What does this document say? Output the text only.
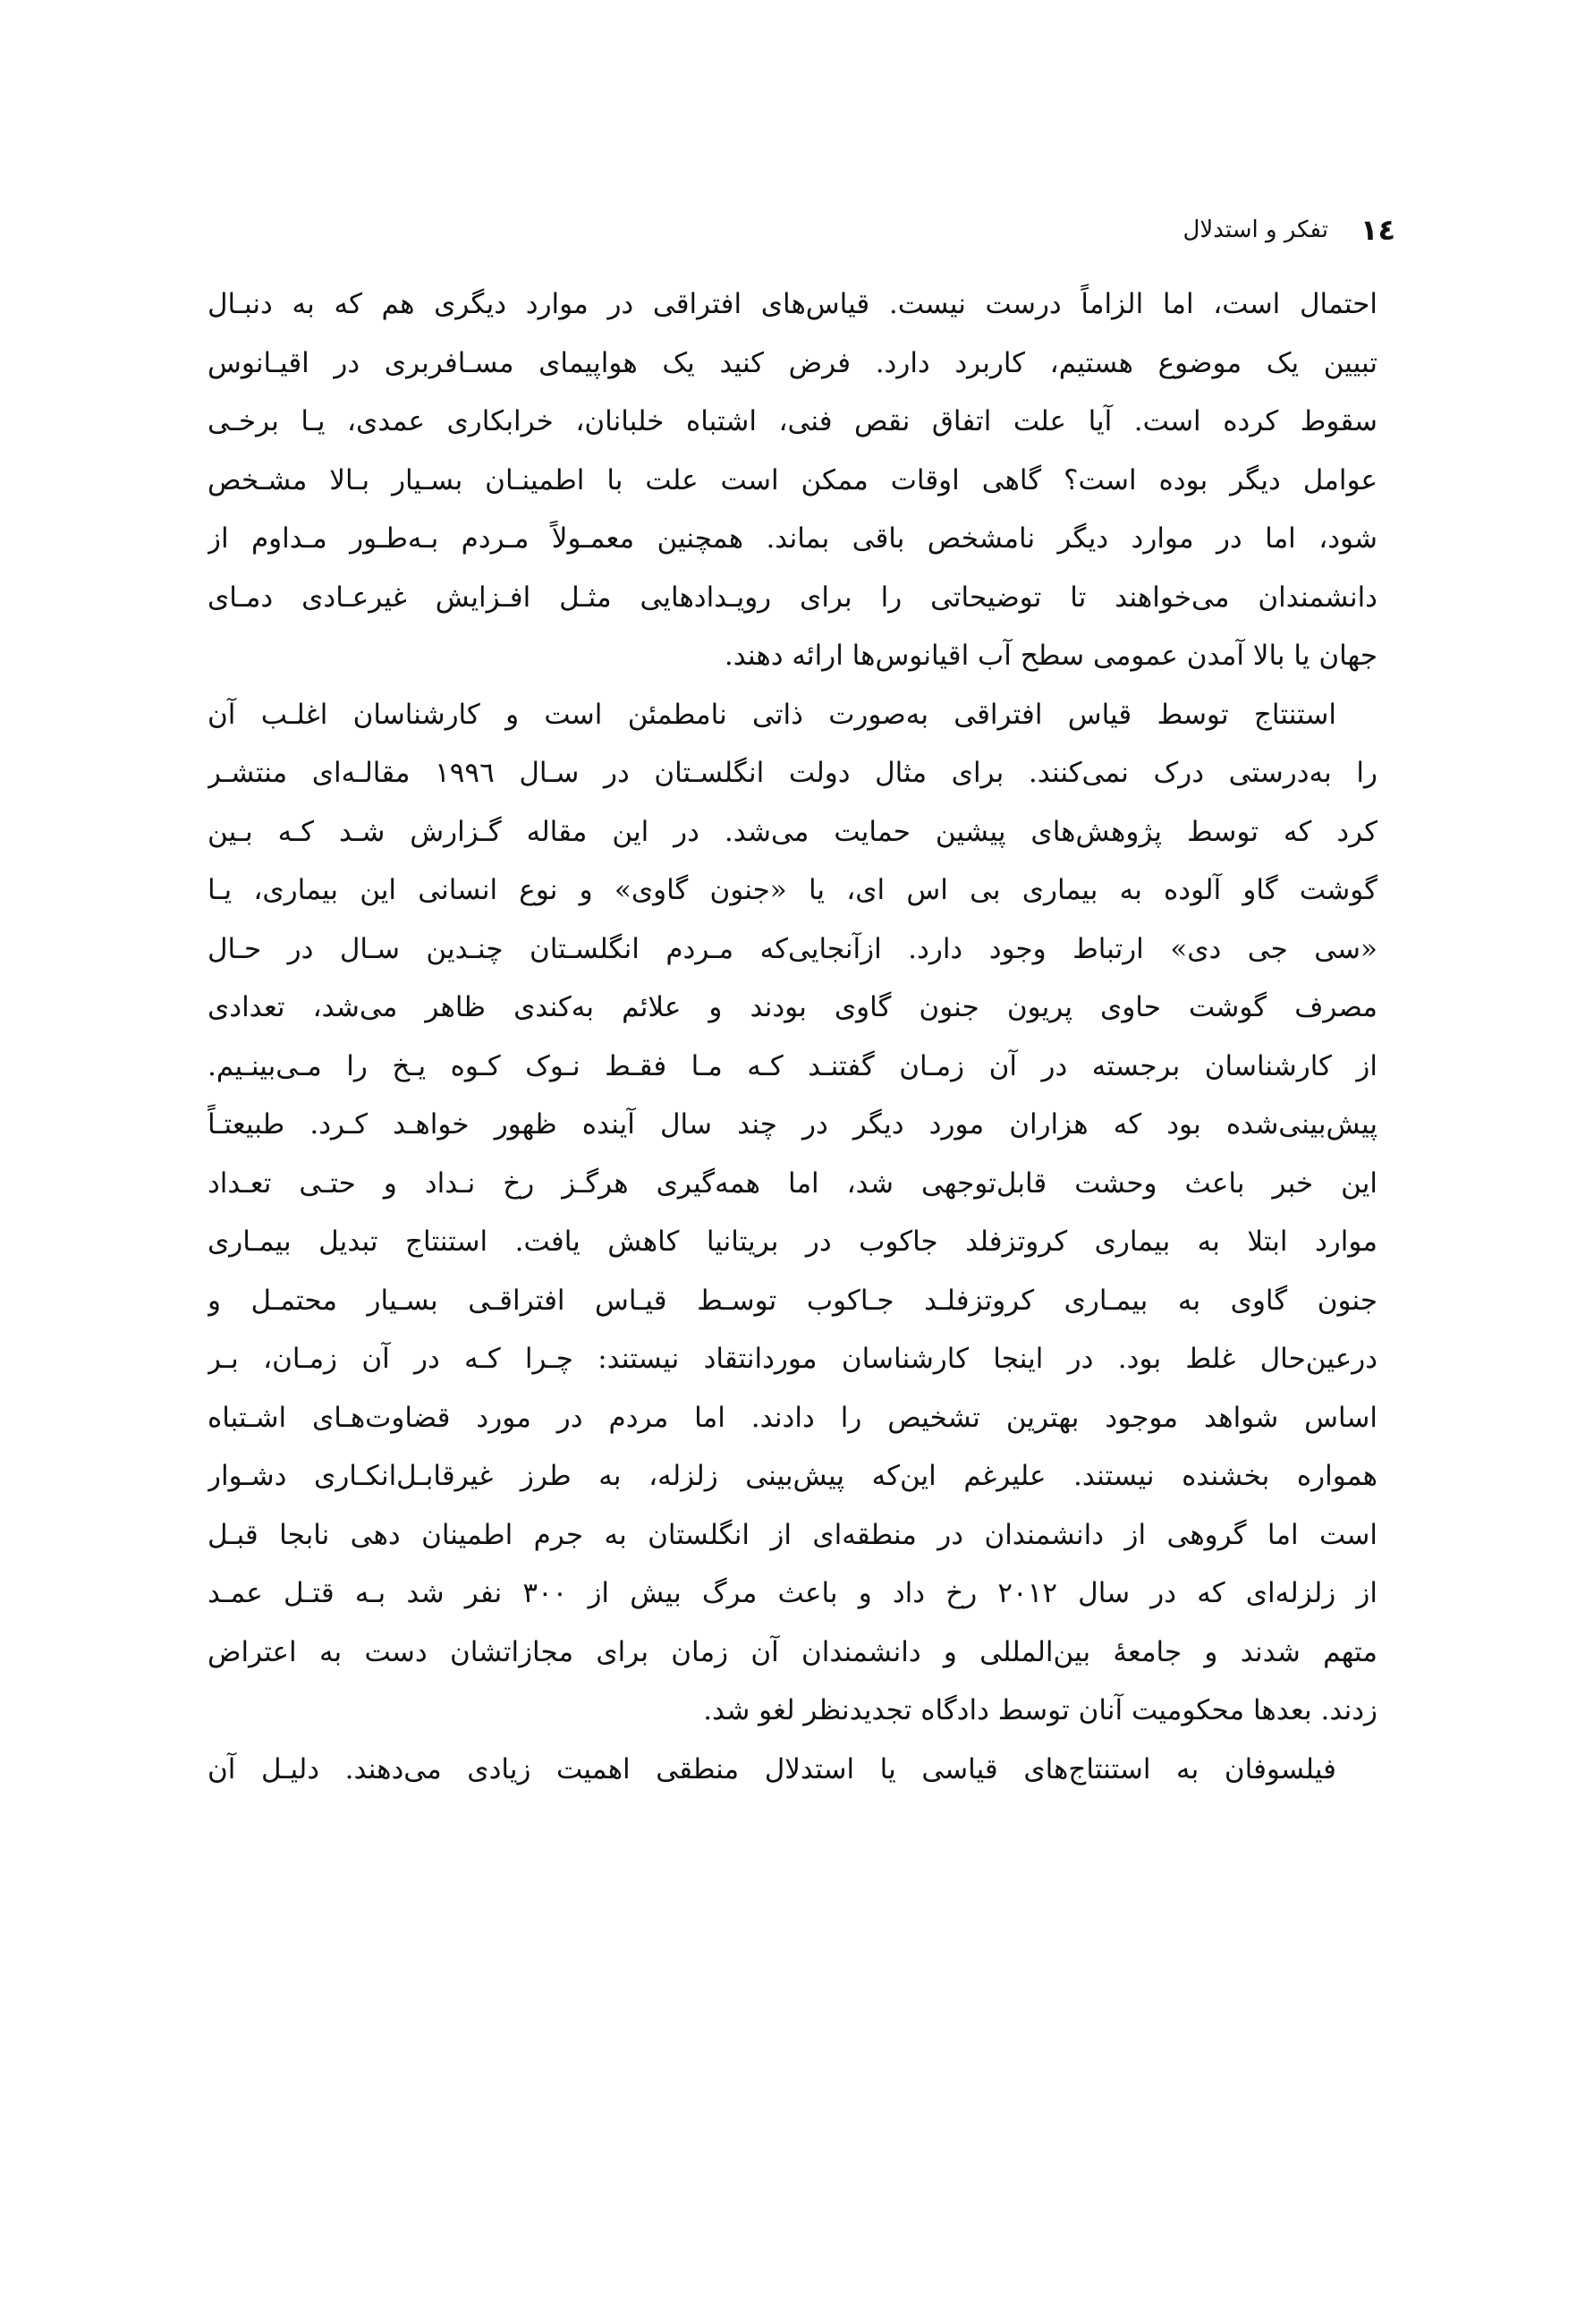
تفکر و استدلال ۱٤
احتمال است، اما الزاماً درست نیست. قیاس‌های افتراقی در موارد دیگری هم که به دنبـال
تبیین یک موضوع هستیم، کاربرد دارد. فرض کنید یک هواپیمای مسـافربری در اقیـانوس
سقوط کرده است. آیا علت اتفاق نقص فنی، اشتباه خلبانان، خرابکاری عمدی، یـا برخـی
عوامل دیگر بوده است؟ گاهی اوقات ممکن است علت با اطمینـان بسـیار بـالا مشـخص
شود، اما در موارد دیگر نامشخص باقی بماند. همچنین معمـولاً مـردم بـه‌طـور مـداوم از
دانشمندان می‌خواهند تا توضیحاتی را برای رویـدادهایی مثـل افـزایش غیرعـادی دمـای
جهان یا بالا آمدن عمومی سطح آب اقیانوس‌ها ارائه دهند.
استنتاج توسط قیاس افتراقی به‌صورت ذاتی نامطمئن است و کارشناسان اغلـب آن
را به‌درستی درک نمی‌کنند. برای مثال دولت انگلسـتان در سـال ۱۹۹٦ مقالـه‌ای منتشـر
کرد که توسط پژوهش‌های پیشین حمایت می‌شد. در این مقاله گـزارش شـد کـه بـین
گوشت گاو آلوده به بیماری بی اس ای، یا «جنون گاوی» و نوع انسانی این بیماری، یـا
«سی جی دی» ارتباط وجود دارد. ازآنجایی‌که مـردم انگلسـتان چنـدین سـال در حـال
مصرف گوشت حاوی پریون جنون گاوی بودند و علائم به‌کندی ظاهر می‌شد، تعدادی
از کارشناسان برجسته در آن زمـان گفتنـد کـه مـا فقـط نـوک کـوه یـخ را مـی‌بینـیم.
پیش‌بینی‌شده بود که هزاران مورد دیگر در چند سال آینده ظهور خواهـد کـرد. طبیعتـاً
این خبر باعث وحشت قابل‌توجهی شد، اما همه‌گیری هرگـز رخ نـداد و حتـی تعـداد
موارد ابتلا به بیماری کروتزفلد جاکوب در بریتانیا کاهش یافت. استنتاج تبدیل بیمـاری
جنون گاوی به بیمـاری کروتزفلـد جـاکوب توسـط قیـاس افتراقـی بسـیار محتمـل و
درعین‌حال غلط بود. در اینجا کارشناسان موردانتقاد نیستند: چـرا کـه در آن زمـان، بـر
اساس شواهد موجود بهترین تشخیص را دادند. اما مردم در مورد قضاوت‌هـای اشـتباه
همواره بخشنده نیستند. علیرغم این‌که پیش‌بینی زلزله، به طرز غیرقابـل‌انکـاری دشـوار
است اما گروهی از دانشمندان در منطقه‌ای از انگلستان به جرم اطمینان دهی نابجا قبـل
از زلزله‌ای که در سال ۲۰۱۲ رخ داد و باعث مرگ بیش از ۳۰۰ نفر شد بـه قتـل عمـد
متهم شدند و جامعهٔ بین‌المللی و دانشمندان آن زمان برای مجازاتشان دست به اعتراض
زدند. بعدها محکومیت آنان توسط دادگاه تجدیدنظر لغو شد.
فیلسوفان به استنتاج‌های قیاسی یا استدلال منطقی اهمیت زیادی می‌دهند. دلیـل آن
